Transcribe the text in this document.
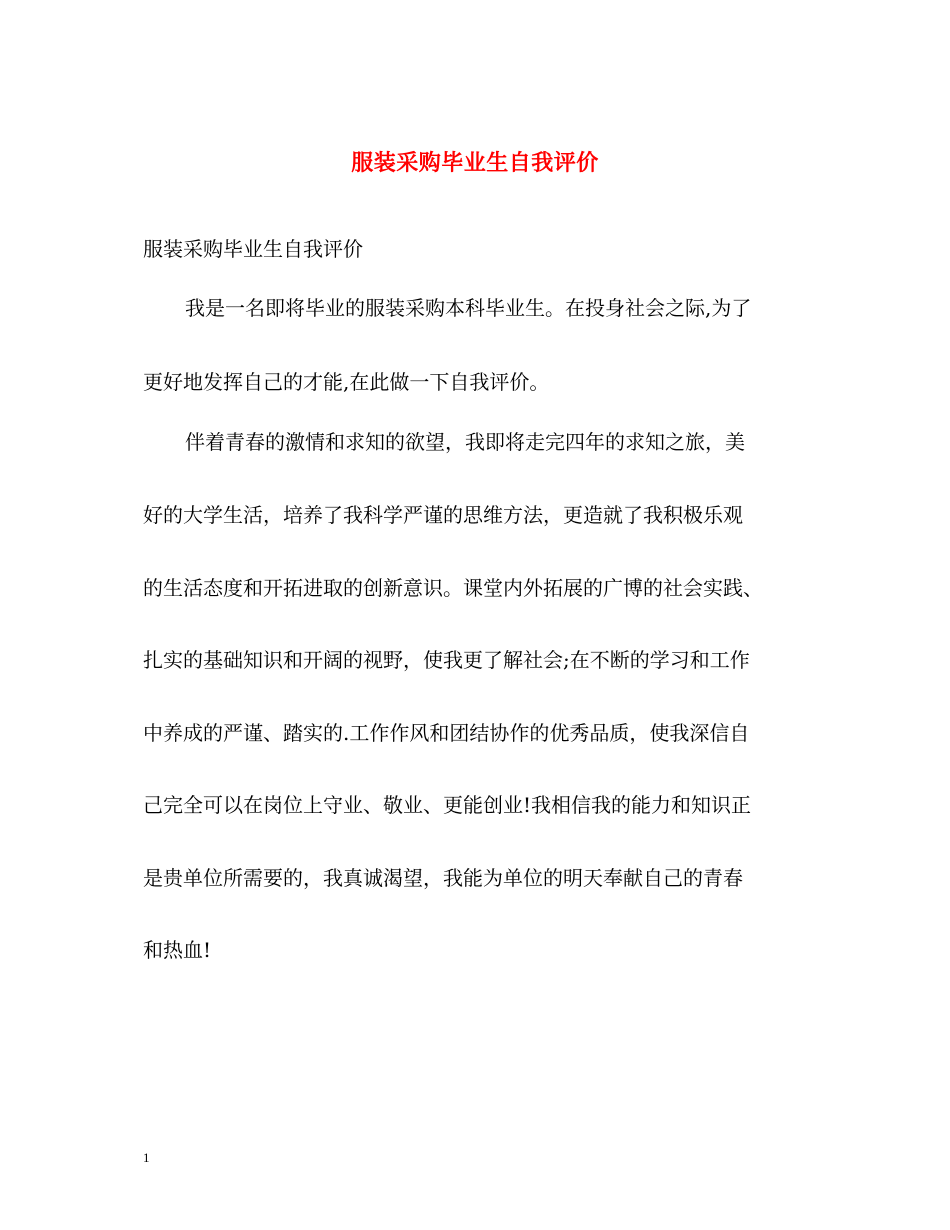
服装采购毕业生自我评价
服装采购毕业生自我评价
我是一名即将毕业的服装采购本科毕业生。在投身社会之际,为了
更好地发挥自己的才能,在此做一下自我评价。
伴着青春的激情和求知的欲望，我即将走完四年的求知之旅，美
好的大学生活，培养了我科学严谨的思维方法，更造就了我积极乐观
的生活态度和开拓进取的创新意识。课堂内外拓展的广博的社会实践、
扎实的基础知识和开阔的视野，使我更了解社会;在不断的学习和工作
中养成的严谨、踏实的.工作作风和团结协作的优秀品质，使我深信自
己完全可以在岗位上守业、敬业、更能创业!我相信我的能力和知识正
是贵单位所需要的，我真诚渴望，我能为单位的明天奉献自己的青春
和热血!
1
